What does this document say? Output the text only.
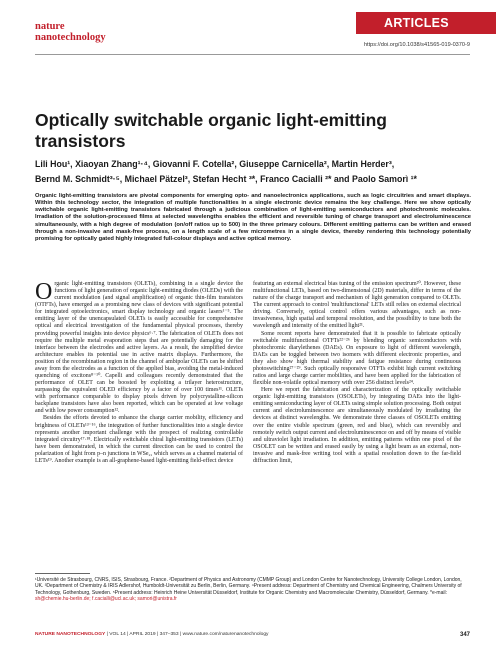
nature
nanotechnology
ARTICLES
https://doi.org/10.1038/s41565-019-0370-9
Optically switchable organic light-emitting transistors
Lili Hou¹, Xiaoyan Zhang¹·⁴, Giovanni F. Cotella², Giuseppe Carnicella², Martin Herder³,
Bernd M. Schmidt³·⁵, Michael Pätzel³, Stefan Hecht ³*, Franco Cacialli ²* and Paolo Samorì ¹*

Organic light-emitting transistors are pivotal components for emerging opto- and nanoelectronics applications, such as logic circuitries and smart displays. Within this technology sector, the integration of multiple functionalities in a single electronic device remains the key challenge. Here we show optically switchable organic light-emitting transistors fabricated through a judicious combination of light-emitting semiconductors and photochromic molecules. Irradiation of the solution-processed films at selected wavelengths enables the efficient and reversible tuning of charge transport and electroluminescence simultaneously, with a high degree of modulation (on/off ratios up to 500) in the three primary colours. Different emitting patterns can be written and erased through a non-invasive and mask-free process, on a length scale of a few micrometres in a single device, thereby rendering this technology potentially promising for optically gated highly integrated full-colour displays and active optical memory.

Organic light-emitting transistors (OLETs), combining in a single device the functions of light generation of organic light-emitting diodes (OLEDs) with the current modulation (and signal amplification) of organic thin-film transistors (OTFTs), have emerged as a promising new class of devices with significant potential for integrated optoelectronics, smart display technology and organic lasers¹⁻⁵. The emitting layer of the unencapsulated OLETs is easily accessible for comprehensive optical and electrical investigation of the fundamental physical processes, thereby providing powerful insights into device physics⁶·⁷. The fabrication of OLETs does not require the multiple metal evaporation steps that are potentially damaging for the interface between the electrodes and active layers. As a result, the simplified device architecture enables its potential use in active matrix displays. Furthermore, the position of the recombination region in the channel of ambipolar OLETs can be shifted away from the electrodes as a function of the applied bias, avoiding the metal-induced quenching of excitons⁸⁻¹⁰. Capelli and colleagues recently demonstrated that the performance of OLET can be boosted by exploiting a trilayer heterostructure, surpassing the equivalent OLED efficiency by a factor of over 100 times¹¹. OLETs with performance comparable to display pixels driven by polycrystalline-silicon backplane transistors have also been reported, which can be operated at low voltage and with low power consumption¹².

Besides the efforts devoted to enhance the charge carrier mobility, efficiency and brightness of OLETs¹³⁻¹⁶, the integration of further functionalities into a single device represents another important challenge with the prospect of realizing controllable integrated circuitry¹⁷·¹⁸. Electrically switchable chiral light-emitting transistors (LETs) have been demonstrated, in which the current direction can be used to control the polarization of light from p–n junctions in WSe₂, which serves as a channel material of LETs¹⁹. Another example is an all-graphene-based light-emitting field-effect device

featuring an external electrical bias tuning of the emission spectrum²⁰. However, these multifunctional LETs, based on two-dimensional (2D) materials, differ in terms of the nature of the charge transport and mechanism of light generation compared to OLETs. The current approach to control 'multifunctional' LETs still relies on external electrical driving. Conversely, optical control offers various advantages, such as non-invasiveness, high spatial and temporal resolution, and the possibility to tune both the wavelength and intensity of the emitted light²¹.

Some recent reports have demonstrated that it is possible to fabricate optically switchable multifunctional OTFTs²²⁻²⁶ by blending organic semiconductors with photochromic diarylethenes (DAEs). On exposure to light of different wavelength, DAEs can be toggled between two isomers with different electronic properties, and they also show high thermal stability and fatigue resistance during continuous photoswitching²⁷⁻²⁹. Such optically responsive OTFTs exhibit high current switching ratios and large charge carrier mobilities, and have been applied for the fabrication of flexible non-volatile optical memory with over 256 distinct levels²⁴.

Here we report the fabrication and characterization of the optically switchable organic light-emitting transistors (OSOLETs), by integrating DAEs into the light-emitting semiconducting layer of OLETs using simple solution processing. Both output current and electroluminescence are simultaneously modulated by irradiating the devices at distinct wavelengths. We demonstrate three classes of OSOLETs emitting over the entire visible spectrum (green, red and blue), which can reversibly and remotely switch output current and electroluminescence on and off by means of visible and ultraviolet light irradiation. In addition, emitting patterns within one pixel of the OSOLET can be written and erased easily by using a light beam as an external, non-invasive and mask-free writing tool with a spatial resolution down to the far-field diffraction limit,

¹Université de Strasbourg, CNRS, ISIS, Strasbourg, France. ²Department of Physics and Astronomy (CMMP Group) and London Centre for Nanotechnology, University College London, London, UK. ³Department of Chemistry & IRIS Adlershof, Humboldt-Universität zu Berlin, Berlin, Germany. ⁴Present address: Department of Chemistry and Chemical Engineering, Chalmers University of Technology, Gothenburg, Sweden. ⁵Present address: Heinrich Heine Universität Düsseldorf, Institute for Organic Chemistry and Macromolecular Chemistry, Düsseldorf, Germany. *e-mail: sh@chemie.hu-berlin.de; f.cacialli@ucl.ac.uk; samori@unistra.fr
NATURE NANOTECHNOLOGY | VOL 14 | APRIL 2019 | 347–353 | www.nature.com/naturenanotechnology	347
